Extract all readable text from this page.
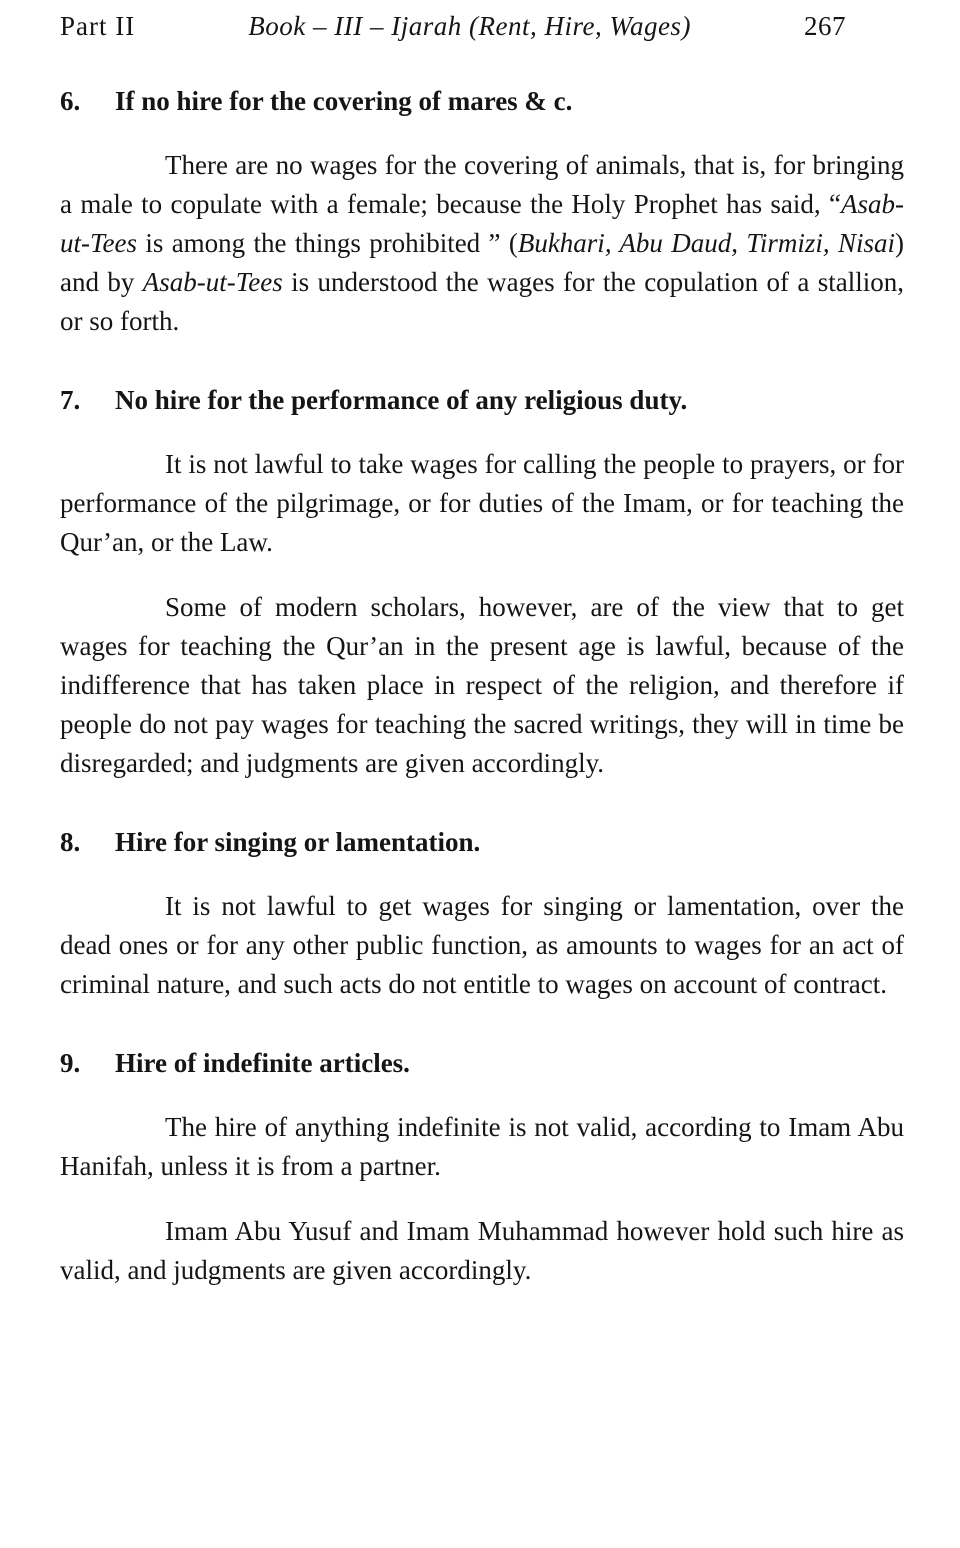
Part II	Book – III – Ijarah (Rent, Hire, Wages)	267
6.	If no hire for the covering of mares & c.

There are no wages for the covering of animals, that is, for bringing a male to copulate with a female; because the Holy Prophet has said, “Asab-ut-Tees is among the things prohibited ” (Bukhari, Abu Daud, Tirmizi, Nisai) and by Asab-ut-Tees is understood the wages for the copulation of a stallion, or so forth.

7.	No hire for the performance of any religious duty.

It is not lawful to take wages for calling the people to prayers, or for performance of the pilgrimage, or for duties of the Imam, or for teaching the Qur’an, or the Law.

Some of modern scholars, however, are of the view that to get wages for teaching the Qur’an in the present age is lawful, because of the indifference that has taken place in respect of the religion, and therefore if people do not pay wages for teaching the sacred writings, they will in time be disregarded; and judgments are given accordingly.

8.	Hire for singing or lamentation.

It is not lawful to get wages for singing or lamentation, over the dead ones or for any other public function, as amounts to wages for an act of criminal nature, and such acts do not entitle to wages on account of contract.

9.	Hire of indefinite articles.

The hire of anything indefinite is not valid, according to Imam Abu Hanifah, unless it is from a partner.

Imam Abu Yusuf and Imam Muhammad however hold such hire as valid, and judgments are given accordingly.
